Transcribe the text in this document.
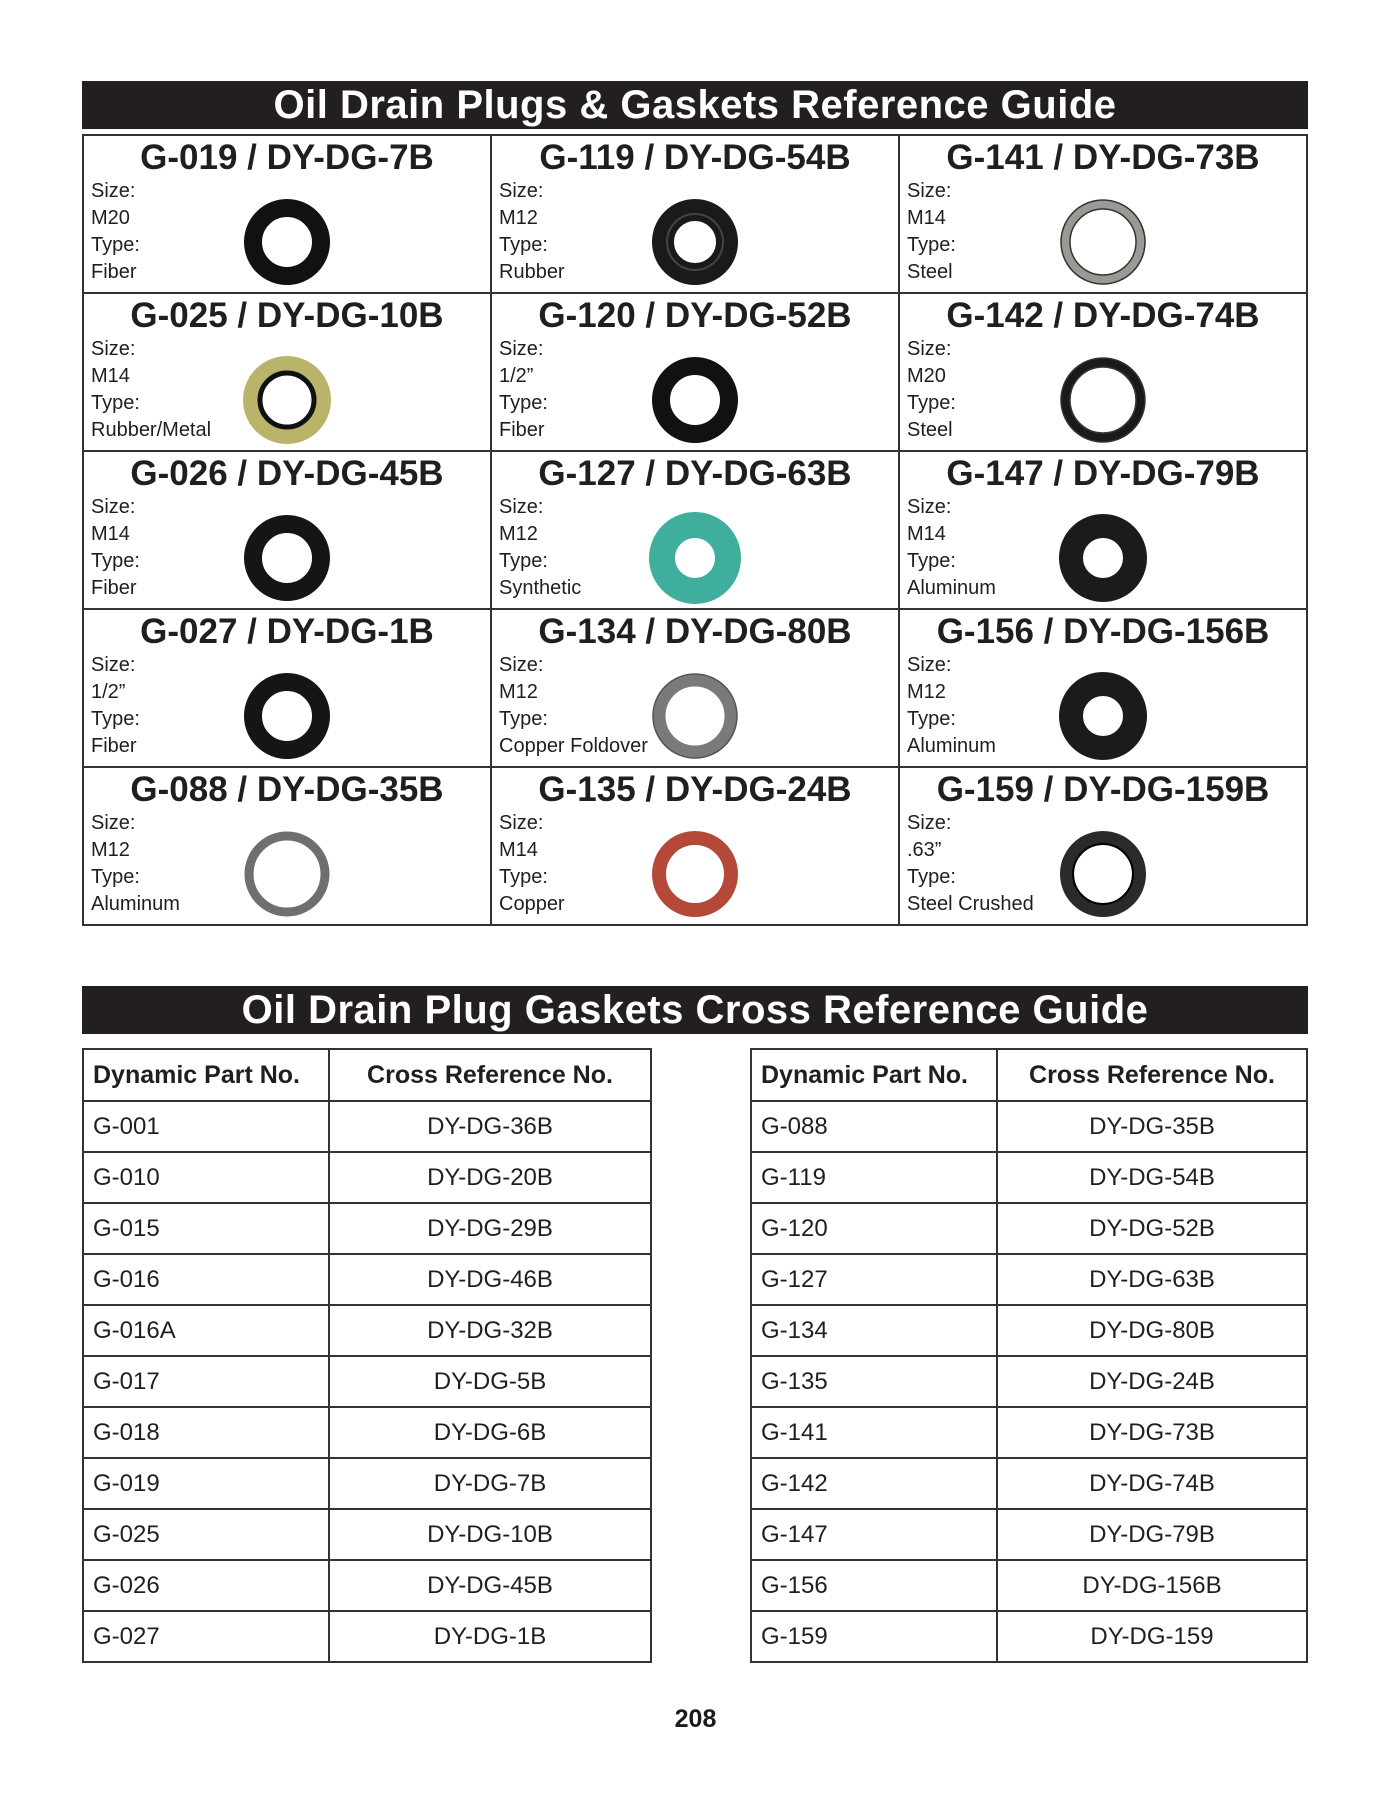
Oil Drain Plugs & Gaskets Reference Guide
G-019 / DY-DG-7B
Size:
M20
Type:
Fiber
G-119 / DY-DG-54B
Size:
M12
Type:
Rubber
G-141 / DY-DG-73B
Size:
M14
Type:
Steel
G-025 / DY-DG-10B
Size:
M14
Type:
Rubber/Metal
G-120 / DY-DG-52B
Size:
1/2”
Type:
Fiber
G-142 / DY-DG-74B
Size:
M20
Type:
Steel
G-026 / DY-DG-45B
Size:
M14
Type:
Fiber
G-127 / DY-DG-63B
Size:
M12
Type:
Synthetic
G-147 / DY-DG-79B
Size:
M14
Type:
Aluminum
G-027 / DY-DG-1B
Size:
1/2”
Type:
Fiber
G-134 / DY-DG-80B
Size:
M12
Type:
Copper Foldover
G-156 / DY-DG-156B
Size:
M12
Type:
Aluminum
G-088 / DY-DG-35B
Size:
M12
Type:
Aluminum
G-135 / DY-DG-24B
Size:
M14
Type:
Copper
G-159 / DY-DG-159B
Size:
.63”
Type:
Steel Crushed
Oil Drain Plug Gaskets Cross Reference Guide
Dynamic Part No.	Cross Reference No.
G-001	DY-DG-36B
G-010	DY-DG-20B
G-015	DY-DG-29B
G-016	DY-DG-46B
G-016A	DY-DG-32B
G-017	DY-DG-5B
G-018	DY-DG-6B
G-019	DY-DG-7B
G-025	DY-DG-10B
G-026	DY-DG-45B
G-027	DY-DG-1B
Dynamic Part No.	Cross Reference No.
G-088	DY-DG-35B
G-119	DY-DG-54B
G-120	DY-DG-52B
G-127	DY-DG-63B
G-134	DY-DG-80B
G-135	DY-DG-24B
G-141	DY-DG-73B
G-142	DY-DG-74B
G-147	DY-DG-79B
G-156	DY-DG-156B
G-159	DY-DG-159
208
